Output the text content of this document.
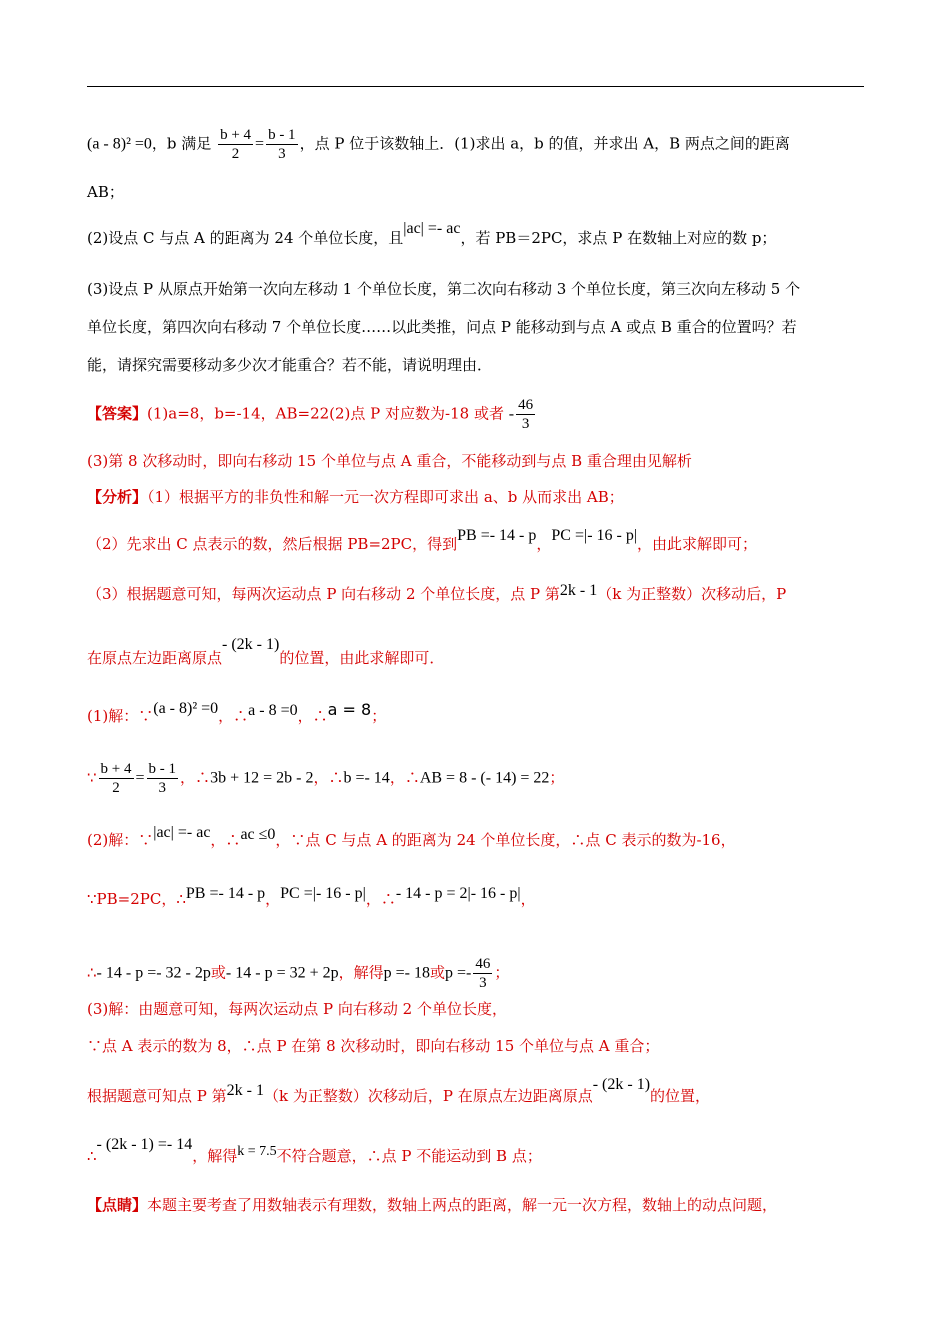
(a - 8)² =0，b 满足 $\frac{b + 4}{2} = \frac{b - 1}{3}$ ，点 P 位于该数轴上．(1)求出 a，b 的值，并求出 A，B 两点之间的距离
AB；
(2)设点 C 与点 A 的距离为 24 个单位长度，且|ac| =- ac，若 PB＝2PC，求点 P 在数轴上对应的数 p；
(3)设点 P 从原点开始第一次向左移动 1 个单位长度，第二次向右移动 3 个单位长度，第三次向左移动 5 个
单位长度，第四次向右移动 7 个单位长度……以此类推，问点 P 能移动到与点 A 或点 B 重合的位置吗？若
能，请探究需要移动多少次才能重合？若不能，请说明理由．
【答案】(1)a=8，b=-14，AB=22(2)点 P 对应数为-18 或者 - $\frac{46}{3}$
(3)第 8 次移动时，即向右移动 15 个单位与点 A 重合，不能移动到与点 B 重合理由见解析
【分析】（1）根据平方的非负性和解一元一次方程即可求出 a、b 从而求出 AB；
（2）先求出 C 点表示的数，然后根据 PB=2PC，得到PB =- 14 - p，PC =|- 16 - p|，由此求解即可；
（3）根据题意可知，每两次运动点 P 向右移动 2 个单位长度，点 P 第2k - 1（k 为正整数）次移动后，P
在原点左边距离原点- (2k - 1)的位置，由此求解即可．
(1)解：∵(a - 8)² =0，∴a - 8 =0，∴a = 8；
∵ $\frac{b + 4}{2} = \frac{b - 1}{3}$ ，∴3b + 12 = 2b - 2，∴b =- 14，∴AB = 8 - (- 14) = 22；
(2)解：∵|ac| =- ac，∴ac ≤0，∵点 C 与点 A 的距离为 24 个单位长度，∴点 C 表示的数为-16，
∵PB=2PC，∴PB =- 14 - p，PC =|- 16 - p|，∴- 14 - p = 2|- 16 - p|，
∴- 14 - p =- 32 - 2p或- 14 - p = 32 + 2p，解得p =- 18或$p =- \frac{46}{3}$ ；
(3)解：由题意可知，每两次运动点 P 向右移动 2 个单位长度，
∵点 A 表示的数为 8，∴点 P 在第 8 次移动时，即向右移动 15 个单位与点 A 重合；
根据题意可知点 P 第2k - 1（k 为正整数）次移动后，P 在原点左边距离原点- (2k - 1)的位置，
∴- (2k - 1) =- 14，解得k = 7.5不符合题意，∴点 P 不能运动到 B 点；
【点睛】本题主要考查了用数轴表示有理数，数轴上两点的距离，解一元一次方程，数轴上的动点问题，
